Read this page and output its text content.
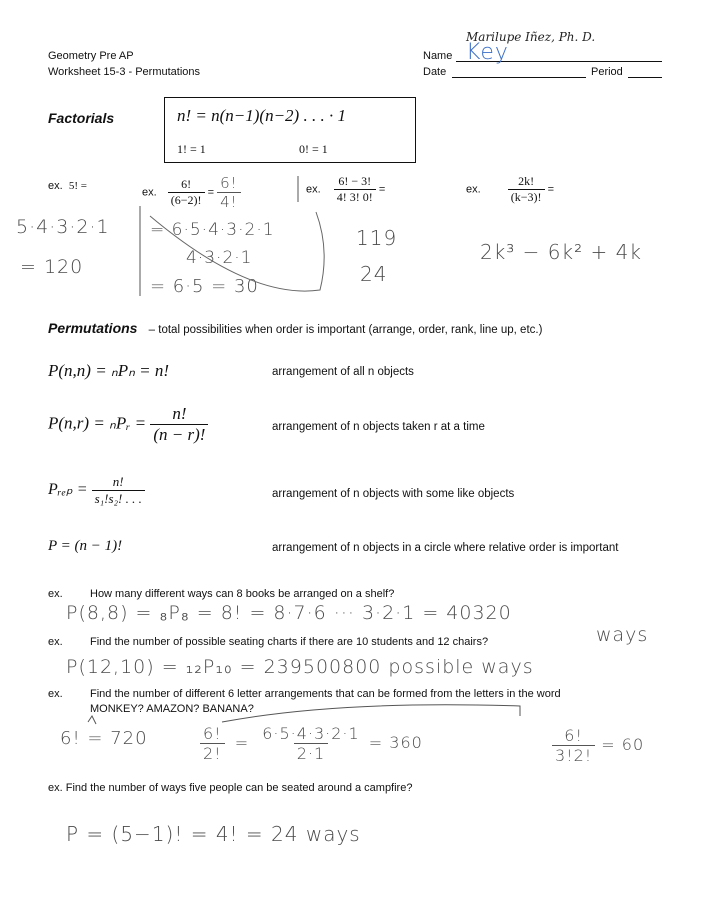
Geometry Pre AP
Worksheet 15-3 - Permutations
Marilupe Iñez, Ph. D.
Name Key
Date	Period
Factorials	n! = n(n−1)(n−2) . . . · 1
1! = 1	0! = 1
ex. 5! =
ex. $\frac{6!}{(6-2)!} = \frac{6!}{4!}$	ex. $\frac{6! - 3!}{4! 3! 0!}$ =	ex. $\frac{2k!}{(k-3)!}$ =
5·4·3·2·1
= 120
= 6·5·4·3·2·1
4·3·2·1
= 6·5 = 30
119
24
2k³ − 6k² + 4k
Permutations – total possibilities when order is important (arrange, order, rank, line up, etc.)
P(n,n) = ₙPₙ = n!	arrangement of all n objects
P(n,r) = ₙPᵣ = $\frac{n!}{(n - r)!}$	arrangement of n objects taken r at a time
Pᵣₑₚ = $\frac{n!}{\text{s₁!s₂! . . .}}$	arrangement of n objects with some like objects
P = (n − 1)!	arrangement of n objects in a circle where relative order is important
ex. How many different ways can 8 books be arranged on a shelf?
P(8,8) = ₈P₈ = 8! = 8·7·6 ··· 3·2·1 = 40320
ways
ex. Find the number of possible seating charts if there are 10 students and 12 chairs?
P(12,10) = ₁₂P₁₀ = 239500800 possible ways
ex. Find the number of different 6 letter arrangements that can be formed from the letters in the word
MONKEY? AMAZON? BANANA?
6! = 720	$\frac{6!}{2!} = \frac{6\cdot 5\cdot 4\cdot 3\cdot 2\cdot 1}{2\cdot 1} = 360$	$\frac{6!}{3!2!} = 60$
ex. Find the number of ways five people can be seated around a campfire?
P = (5−1)! = 4! = 24 ways
